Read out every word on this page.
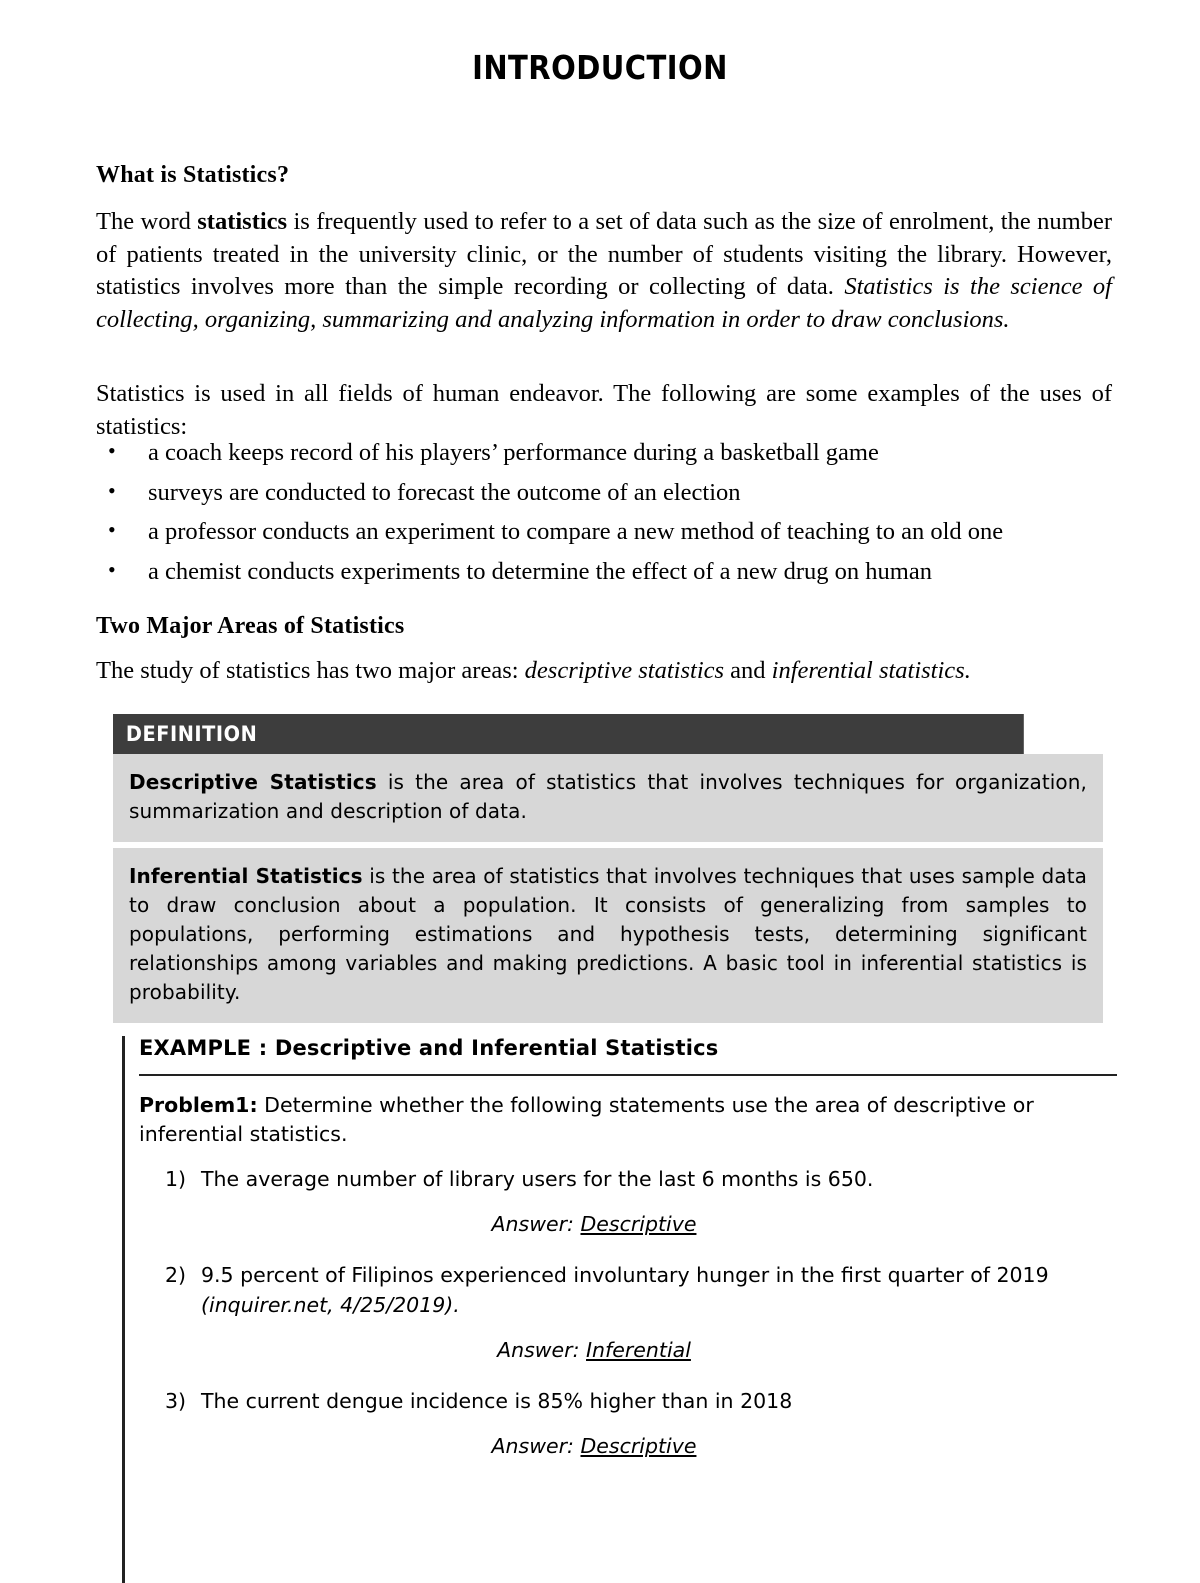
INTRODUCTION
What is Statistics?
The word statistics is frequently used to refer to a set of data such as the size of enrolment, the number of patients treated in the university clinic, or the number of students visiting the library. However, statistics involves more than the simple recording or collecting of data. Statistics is the science of collecting, organizing, summarizing and analyzing information in order to draw conclusions.
Statistics is used in all fields of human endeavor. The following are some examples of the uses of statistics:
• a coach keeps record of his players’ performance during a basketball game
• surveys are conducted to forecast the outcome of an election
• a professor conducts an experiment to compare a new method of teaching to an old one
• a chemist conducts experiments to determine the effect of a new drug on human
Two Major Areas of Statistics
The study of statistics has two major areas: descriptive statistics and inferential statistics.
DEFINITION

Descriptive Statistics is the area of statistics that involves techniques for organization, summarization and description of data.

Inferential Statistics is the area of statistics that involves techniques that uses sample data to draw conclusion about a population. It consists of generalizing from samples to populations, performing estimations and hypothesis tests, determining significant relationships among variables and making predictions. A basic tool in inferential statistics is probability.

EXAMPLE : Descriptive and Inferential Statistics
Problem1: Determine whether the following statements use the area of descriptive or inferential statistics.
1) The average number of library users for the last 6 months is 650.
Answer: Descriptive
2) 9.5 percent of Filipinos experienced involuntary hunger in the first quarter of 2019 (inquirer.net, 4/25/2019).
Answer: Inferential
3) The current dengue incidence is 85% higher than in 2018
Answer: Descriptive
